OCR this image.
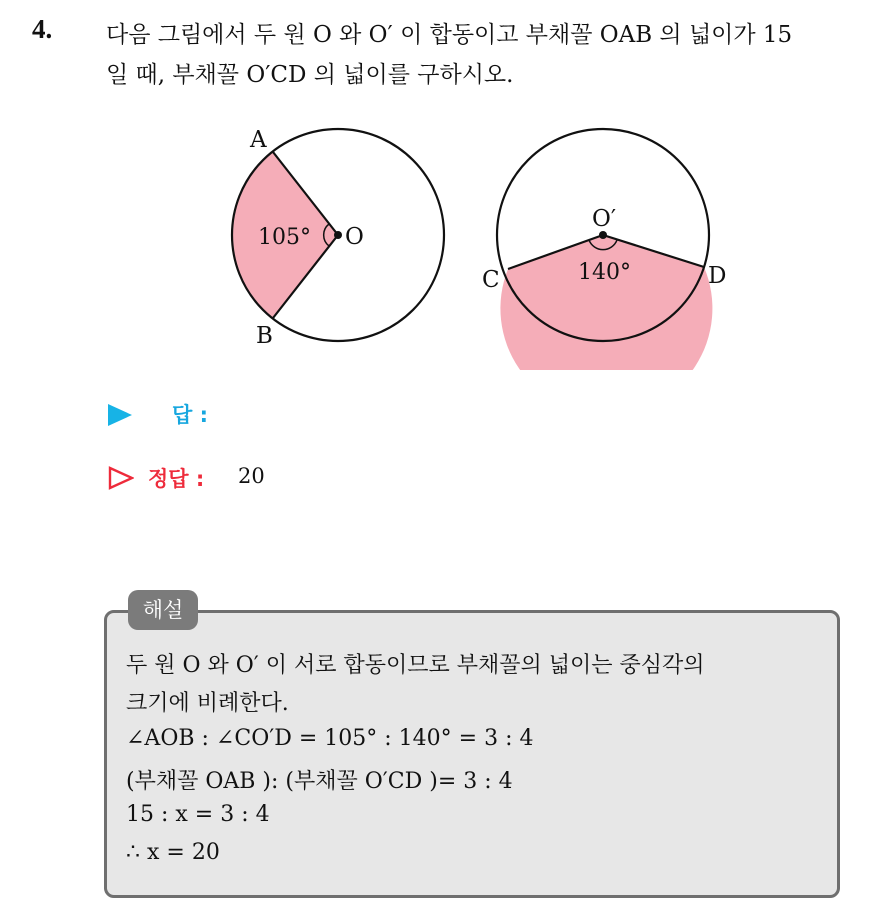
4. 다음 그림에서 두 원 O 와 O′ 이 합동이고 부채꼴 OAB 의 넓이가 15
일 때, 부채꼴 O′CD 의 넓이를 구하시오.
A
B
O
105°
O′
C	D
140°
답 :
정답 : 20
해설
두 원 O 와 O′ 이 서로 합동이므로 부채꼴의 넓이는 중심각의
크기에 비례한다.
∠AOB : ∠CO′D = 105° : 140° = 3 : 4
(부채꼴 OAB ): (부채꼴 O′CD )= 3 : 4
15 : x = 3 : 4
∴ x = 20
